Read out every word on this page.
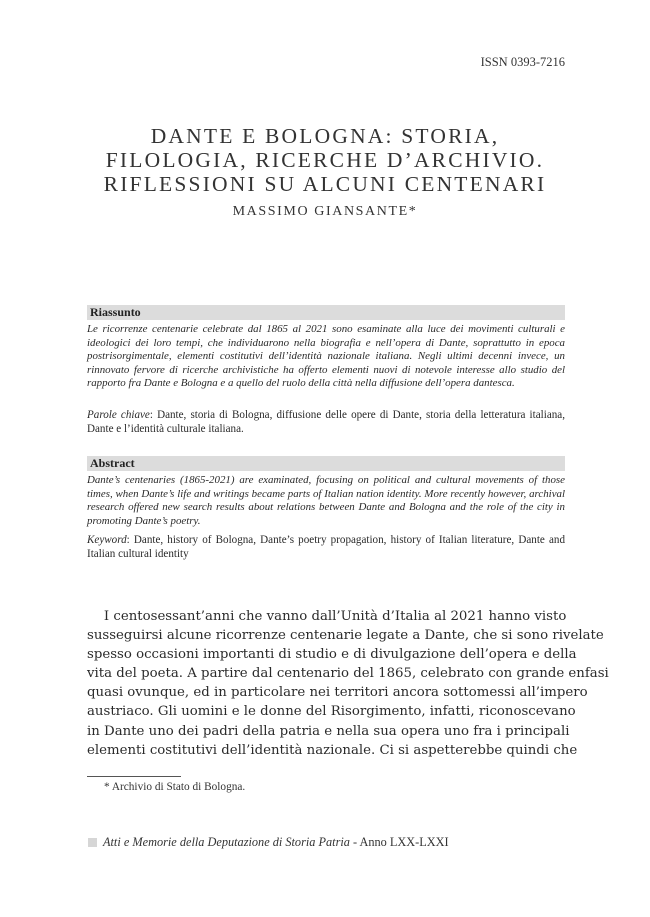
ISSN 0393-7216
DANTE E BOLOGNA: STORIA,
FILOLOGIA, RICERCHE D’ARCHIVIO.
RIFLESSIONI SU ALCUNI CENTENARI
MASSIMO GIANSANTE*
Riassunto
Le ricorrenze centenarie celebrate dal 1865 al 2021 sono esaminate alla luce dei movimenti culturali e ideologici dei loro tempi, che individuarono nella biografia e nell’opera di Dante, soprattutto in epoca postrisorgimentale, elementi costitutivi dell’identità nazionale italiana. Negli ultimi decenni invece, un rinnovato fervore di ricerche archivistiche ha offerto elementi nuovi di notevole interesse allo studio del rapporto fra Dante e Bologna e a quello del ruolo della città nella diffusione dell’opera dantesca.
Parole chiave: Dante, storia di Bologna, diffusione delle opere di Dante, storia della letteratura italiana, Dante e l’identità culturale italiana.
Abstract
Dante’s centenaries (1865-2021) are examinated, focusing on political and cultural movements of those times, when Dante’s life and writings became parts of Italian nation identity. More recently however, archival research offered new search results about relations between Dante and Bologna and the role of the city in promoting Dante’s poetry.
Keyword: Dante, history of Bologna, Dante’s poetry propagation, history of Italian literature, Dante and Italian cultural identity
I centosessant’anni che vanno dall’Unità d’Italia al 2021 hanno visto
susseguirsi alcune ricorrenze centenarie legate a Dante, che si sono rivelate
spesso occasioni importanti di studio e di divulgazione dell’opera e della
vita del poeta. A partire dal centenario del 1865, celebrato con grande enfasi
quasi ovunque, ed in particolare nei territori ancora sottomessi all’impero
austriaco. Gli uomini e le donne del Risorgimento, infatti, riconoscevano
in Dante uno dei padri della patria e nella sua opera uno fra i principali
elementi costitutivi dell’identità nazionale. Ci si aspetterebbe quindi che
* Archivio di Stato di Bologna.
Atti e Memorie della Deputazione di Storia Patria - Anno LXX-LXXI
